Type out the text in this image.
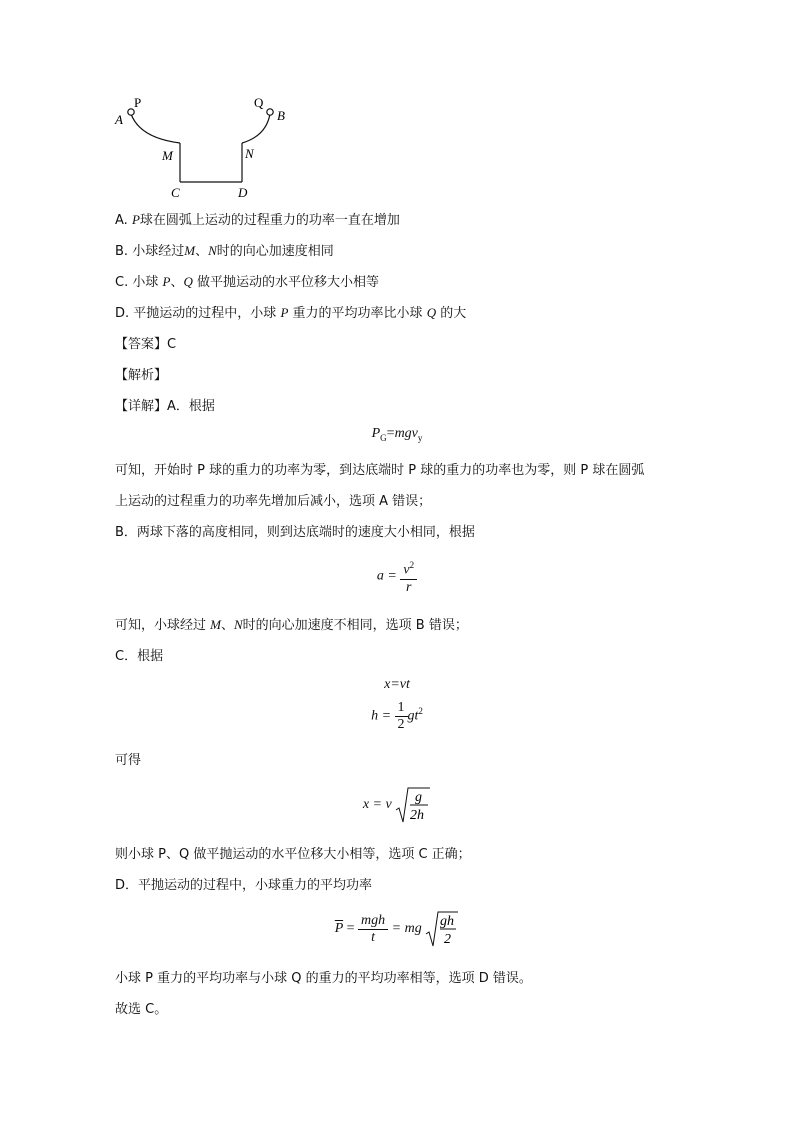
A
P	Q
B
M	N
C	D
A. P球在圆弧上运动的过程重力的功率一直在增加
B. 小球经过M、N时的向心加速度相同
C. 小球 P、Q 做平抛运动的水平位移大小相等
D. 平抛运动的过程中，小球 P 重力的平均功率比小球 Q 的大
【答案】C
【解析】
【详解】A．根据
$P_G=mgv_y$
可知，开始时 P 球的重力的功率为零，到达底端时 P 球的重力的功率也为零，则 P 球在圆弧
上运动的过程重力的功率先增加后减小，选项 A 错误；
B．两球下落的高度相同，则到达底端时的速度大小相同，根据
$a = \frac{v^2}{r}$
可知，小球经过 M、N时的向心加速度不相同，选项 B 错误；
C．根据
x=vt
$h = \frac{1}{2} gt^2$
可得
x = v g
2h
则小球 P、Q 做平抛运动的水平位移大小相等，选项 C 正确；
D．平抛运动的过程中，小球重力的平均功率
$\overline{P} = \frac{\text{mgh}}{t}$ = mg gh
2
小球 P 重力的平均功率与小球 Q 的重力的平均功率相等，选项 D 错误。
故选 C。
